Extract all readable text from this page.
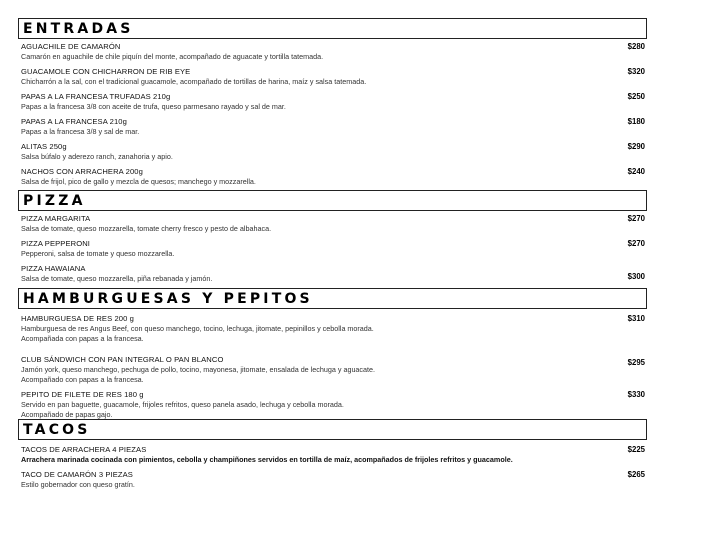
ENTRADAS
AGUACHILE DE CAMARÓN
Camarón en aguachile de chile piquín del monte, acompañado de aguacate y tortilla tatemada.
$280
GUACAMOLE CON CHICHARRON DE RIB EYE
Chicharrón a la sal, con el tradicional guacamole, acompañado de tortillas de harina, maíz y salsa tatemada.
$320
PAPAS A LA FRANCESA TRUFADAS 210g
Papas a la francesa 3/8 con aceite de trufa, queso parmesano rayado y sal de mar.
$250
PAPAS A LA FRANCESA 210g
Papas a la francesa 3/8 y sal de mar.
$180
ALITAS 250g
Salsa búfalo y aderezo ranch, zanahoria y apio.
$290
NACHOS CON ARRACHERA 200g
Salsa de frijol, pico de gallo y mezcla de quesos; manchego y mozzarella.
$240
PIZZA
PIZZA MARGARITA
Salsa de tomate, queso mozzarella, tomate cherry fresco y pesto de albahaca.
$270
PIZZA PEPPERONI
Pepperoni, salsa de tomate y queso mozzarella.
$270
PIZZA HAWAIANA
Salsa de tomate, queso mozzarella, piña rebanada y jamón.	$300
HAMBURGUESAS Y PEPITOS
HAMBURGUESA DE RES 200 g
Hamburguesa de res Angus Beef, con queso manchego, tocino, lechuga, jitomate, pepinillos y cebolla morada.
Acompañada con papas a la francesa.
$310
CLUB SÁNDWICH CON PAN INTEGRAL O PAN BLANCO
Jamón york, queso manchego, pechuga de pollo, tocino, mayonesa, jitomate, ensalada de lechuga y aguacate.
Acompañado con papas a la francesa.
$295
PEPITO DE FILETE DE RES 180 g
Servido en pan baguette, guacamole, frijoles refritos, queso panela asado, lechuga y cebolla morada.
Acompañado de papas gajo.
$330
TACOS
TACOS DE ARRACHERA 4 PIEZAS
Arrachera marinada cocinada con pimientos, cebolla y champiñones servidos en tortilla de maíz, acompañados de frijoles refritos y guacamole.
$225
TACO DE CAMARÓN 3 PIEZAS
Estilo gobernador con queso gratín.
$265
